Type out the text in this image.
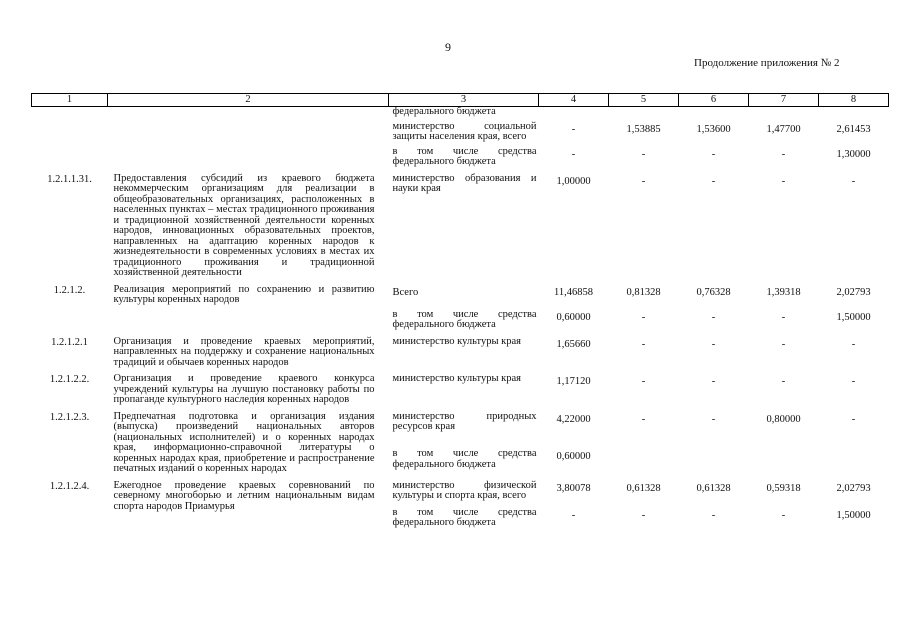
9
Продолжение приложения № 2
1	2	3	4	5	6	7	8
		федерального бюджета					
		министерство социальной защиты населения края, всего	-	1,53885	1,53600	1,47700	2,61453
		в том числе средства федерального бюджета	-	-	-	-	1,30000
1.2.1.1.31.	Предоставления субсидий из краевого бюджета некоммерческим организациям для реализации в общеобразовательных организациях, расположенных в населенных пунктах – местах традиционного проживания и традиционной хозяйственной деятельности коренных народов, инновационных образовательных проектов, направленных на адаптацию коренных народов к жизнедеятельности в современных условиях в местах их традиционного проживания и традиционной хозяйственной деятельности	министерство образования и науки края	1,00000	-	-	-	-
1.2.1.2.	Реализация мероприятий по сохранению и развитию культуры коренных народов	Всего	11,46858	0,81328	0,76328	1,39318	2,02793
		в том числе средства федерального бюджета	0,60000	-	-	-	1,50000
1.2.1.2.1	Организация и проведение краевых мероприятий, направленных на поддержку и сохранение национальных традиций и обычаев коренных народов	министерство культуры края	1,65660	-	-	-	-
1.2.1.2.2.	Организация и проведение краевого конкурса учреждений культуры на лучшую постановку работы по пропаганде культурного наследия коренных народов	министерство культуры края	1,17120	-	-	-	-
1.2.1.2.3.	Предпечатная подготовка и организация издания (выпуска) произведений национальных авторов (национальных исполнителей) и о коренных народах края, информационно-справочной литературы о коренных народах края, приобретение и распространение печатных изданий о коренных народах	министерство природных ресурсов края	4,22000	-	-	0,80000	-
		в том числе средства федерального бюджета	0,60000				
1.2.1.2.4.	Ежегодное проведение краевых соревнований по северному многоборью и летним национальным видам спорта народов Приамурья	министерство физической культуры и спорта края, всего	3,80078	0,61328	0,61328	0,59318	2,02793
		в том числе средства федерального бюджета	-	-	-	-	1,50000
